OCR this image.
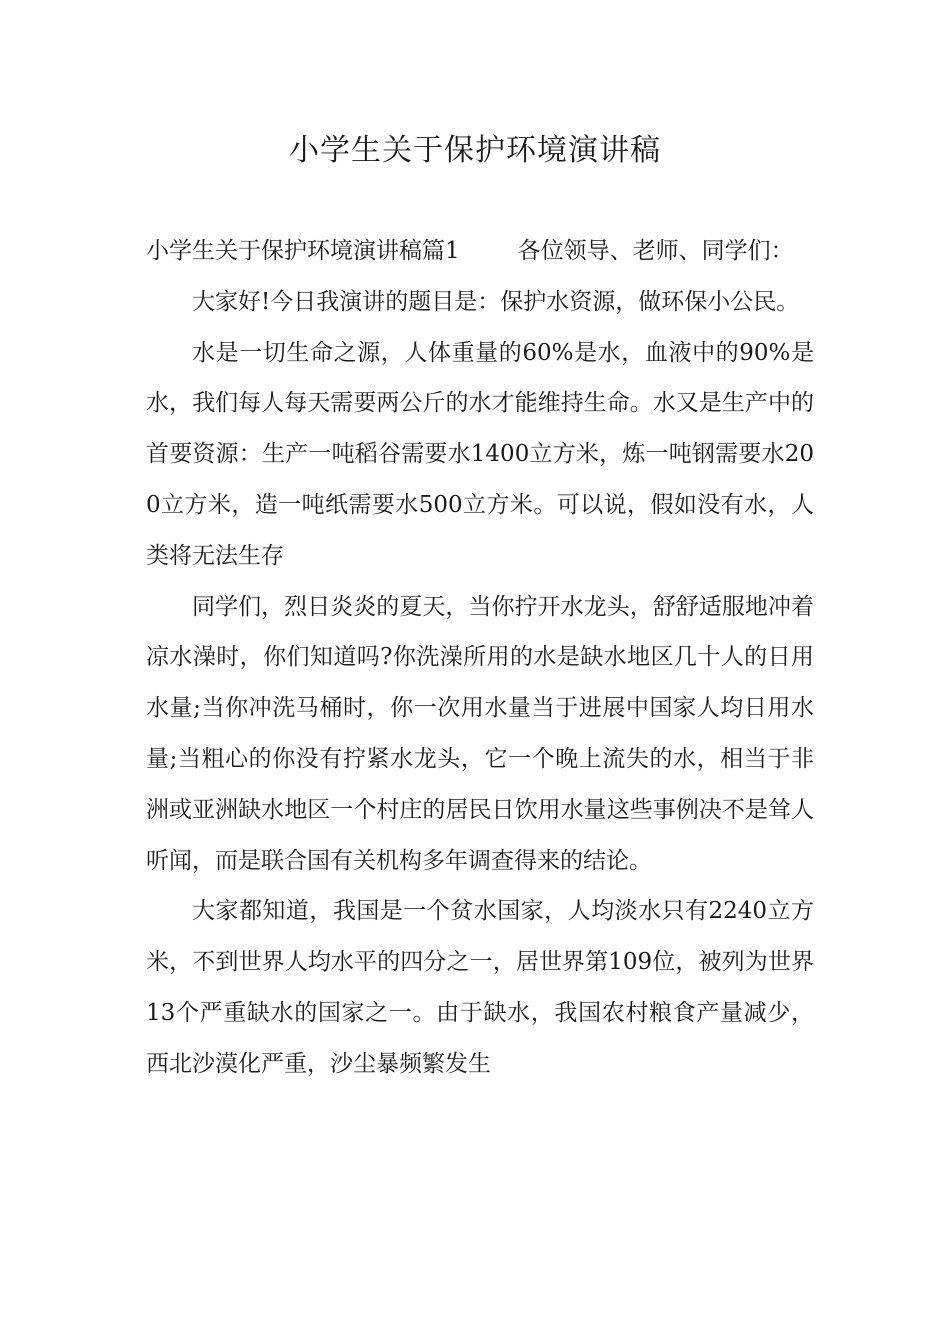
小学生关于保护环境演讲稿

小学生关于保护环境演讲稿篇1	各位领导、老师、同学们：

大家好!今日我演讲的题目是：保护水资源，做环保小公民。

水是一切生命之源，人体重量的60%是水，血液中的90%是水，我们每人每天需要两公斤的水才能维持生命。水又是生产中的首要资源：生产一吨稻谷需要水1400立方米，炼一吨钢需要水200立方米，造一吨纸需要水500立方米。可以说，假如没有水，人类将无法生存

同学们，烈日炎炎的夏天，当你拧开水龙头，舒舒适服地冲着凉水澡时，你们知道吗?你洗澡所用的水是缺水地区几十人的日用水量;当你冲洗马桶时，你一次用水量当于进展中国家人均日用水量;当粗心的你没有拧紧水龙头，它一个晚上流失的水，相当于非洲或亚洲缺水地区一个村庄的居民日饮用水量这些事例决不是耸人听闻，而是联合国有关机构多年调查得来的结论。

大家都知道，我国是一个贫水国家，人均淡水只有2240立方米，不到世界人均水平的四分之一，居世界第109位，被列为世界13个严重缺水的国家之一。由于缺水，我国农村粮食产量减少，西北沙漠化严重，沙尘暴频繁发生
